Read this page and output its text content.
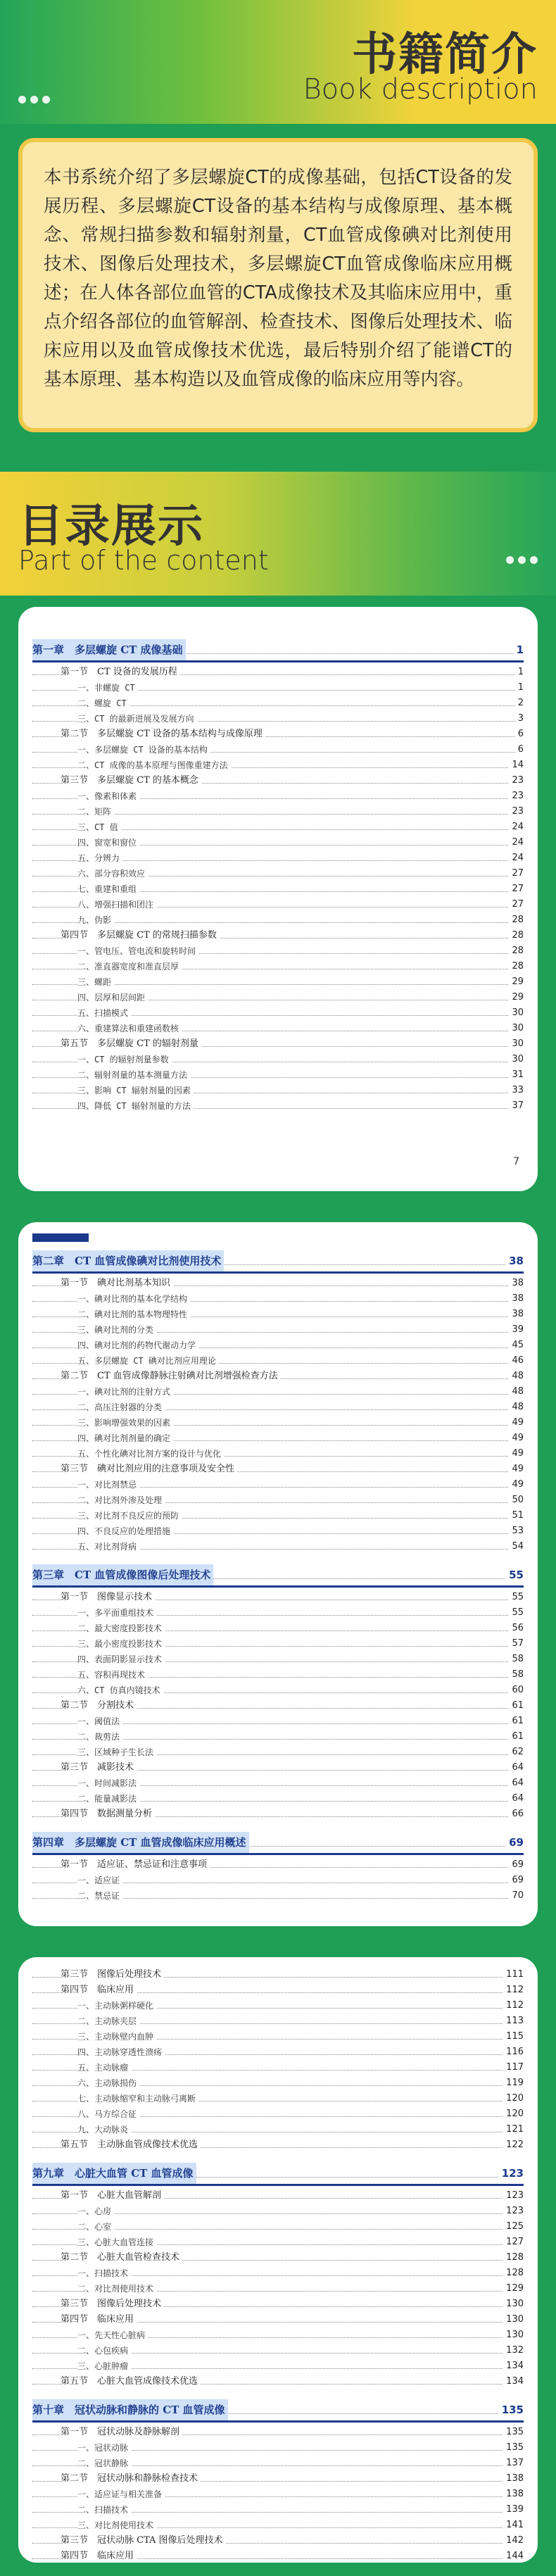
书籍简介
Book description

本书系统介绍了多层螺旋CT的成像基础，包括CT设备的发展历程、多层螺旋CT设备的基本结构与成像原理、基本概念、常规扫描参数和辐射剂量，CT血管成像碘对比剂使用技术、图像后处理技术，多层螺旋CT血管成像临床应用概述；在人体各部位血管的CTA成像技术及其临床应用中，重点介绍各部位的血管解剖、检查技术、图像后处理技术、临床应用以及血管成像技术优选，最后特别介绍了能谱CT的基本原理、基本构造以及血管成像的临床应用等内容。

目录展示
Part of the content
第一章　多层螺旋 CT 成像基础	1
第一节　CT 设备的发展历程	1
一、非螺旋 CT	1
二、螺旋 CT	2
三、CT 的最新进展及发展方向	3
第二节　多层螺旋 CT 设备的基本结构与成像原理	6
一、多层螺旋 CT 设备的基本结构	6
二、CT 成像的基本原理与图像重建方法	14
第三节　多层螺旋 CT 的基本概念	23
一、像素和体素	23
二、矩阵	23
三、CT 值	24
四、窗宽和窗位	24
五、分辨力	24
六、部分容积效应	27
七、重建和重组	27
八、增强扫描和团注	27
九、伪影	28
第四节　多层螺旋 CT 的常规扫描参数	28
一、管电压、管电流和旋转时间	28
二、准直器宽度和准直层厚	28
三、螺距	29
四、层厚和层间距	29
五、扫描模式	30
六、重建算法和重建函数核	30
第五节　多层螺旋 CT 的辐射剂量	30
一、CT 的辐射剂量参数	30
二、辐射剂量的基本测量方法	31
三、影响 CT 辐射剂量的因素	33
四、降低 CT 辐射剂量的方法	37
7
第二章　CT 血管成像碘对比剂使用技术	38
第一节　碘对比剂基本知识	38
一、碘对比剂的基本化学结构	38
二、碘对比剂的基本物理特性	38
三、碘对比剂的分类	39
四、碘对比剂的药物代谢动力学	45
五、多层螺旋 CT 碘对比剂应用理论	46
第二节　CT 血管成像静脉注射碘对比剂增强检查方法	48
一、碘对比剂的注射方式	48
二、高压注射器的分类	48
三、影响增强效果的因素	49
四、碘对比剂剂量的确定	49
五、个性化碘对比剂方案的设计与优化	49
第三节　碘对比剂应用的注意事项及安全性	49
一、对比剂禁忌	49
二、对比剂外渗及处理	50
三、对比剂不良反应的预防	51
四、不良反应的处理措施	53
五、对比剂肾病	54
第三章　CT 血管成像图像后处理技术	55
第一节　图像显示技术	55
一、多平面重组技术	55
二、最大密度投影技术	56
三、最小密度投影技术	57
四、表面阴影显示技术	58
五、容积再现技术	58
六、CT 仿真内镜技术	60
第二节　分割技术	61
一、阈值法	61
二、裁剪法	61
三、区域种子生长法	62
第三节　减影技术	64
一、时间减影法	64
二、能量减影法	64
第四节　数据测量分析	66
第四章　多层螺旋 CT 血管成像临床应用概述	69
第一节　适应证、禁忌证和注意事项	69
一、适应证	69
二、禁忌证	70
第三节　图像后处理技术	111
第四节　临床应用	112
一、主动脉粥样硬化	112
二、主动脉夹层	113
三、主动脉壁内血肿	115
四、主动脉穿透性溃疡	116
五、主动脉瘤	117
六、主动脉损伤	119
七、主动脉缩窄和主动脉弓离断	120
八、马方综合征	120
九、大动脉炎	121
第五节　主动脉血管成像技术优选	122
第九章　心脏大血管 CT 血管成像	123
第一节　心脏大血管解剖	123
一、心房	123
二、心室	125
三、心脏大血管连接	127
第二节　心脏大血管检查技术	128
一、扫描技术	128
二、对比剂使用技术	129
第三节　图像后处理技术	130
第四节　临床应用	130
一、先天性心脏病	130
二、心包疾病	132
三、心脏肿瘤	134
第五节　心脏大血管成像技术优选	134
第十章　冠状动脉和静脉的 CT 血管成像	135
第一节　冠状动脉及静脉解剖	135
一、冠状动脉	135
二、冠状静脉	137
第二节　冠状动脉和静脉检查技术	138
一、适应证与相关准备	138
二、扫描技术	139
三、对比剂使用技术	141
第三节　冠状动脉 CTA 图像后处理技术	142
第四节　临床应用	144
